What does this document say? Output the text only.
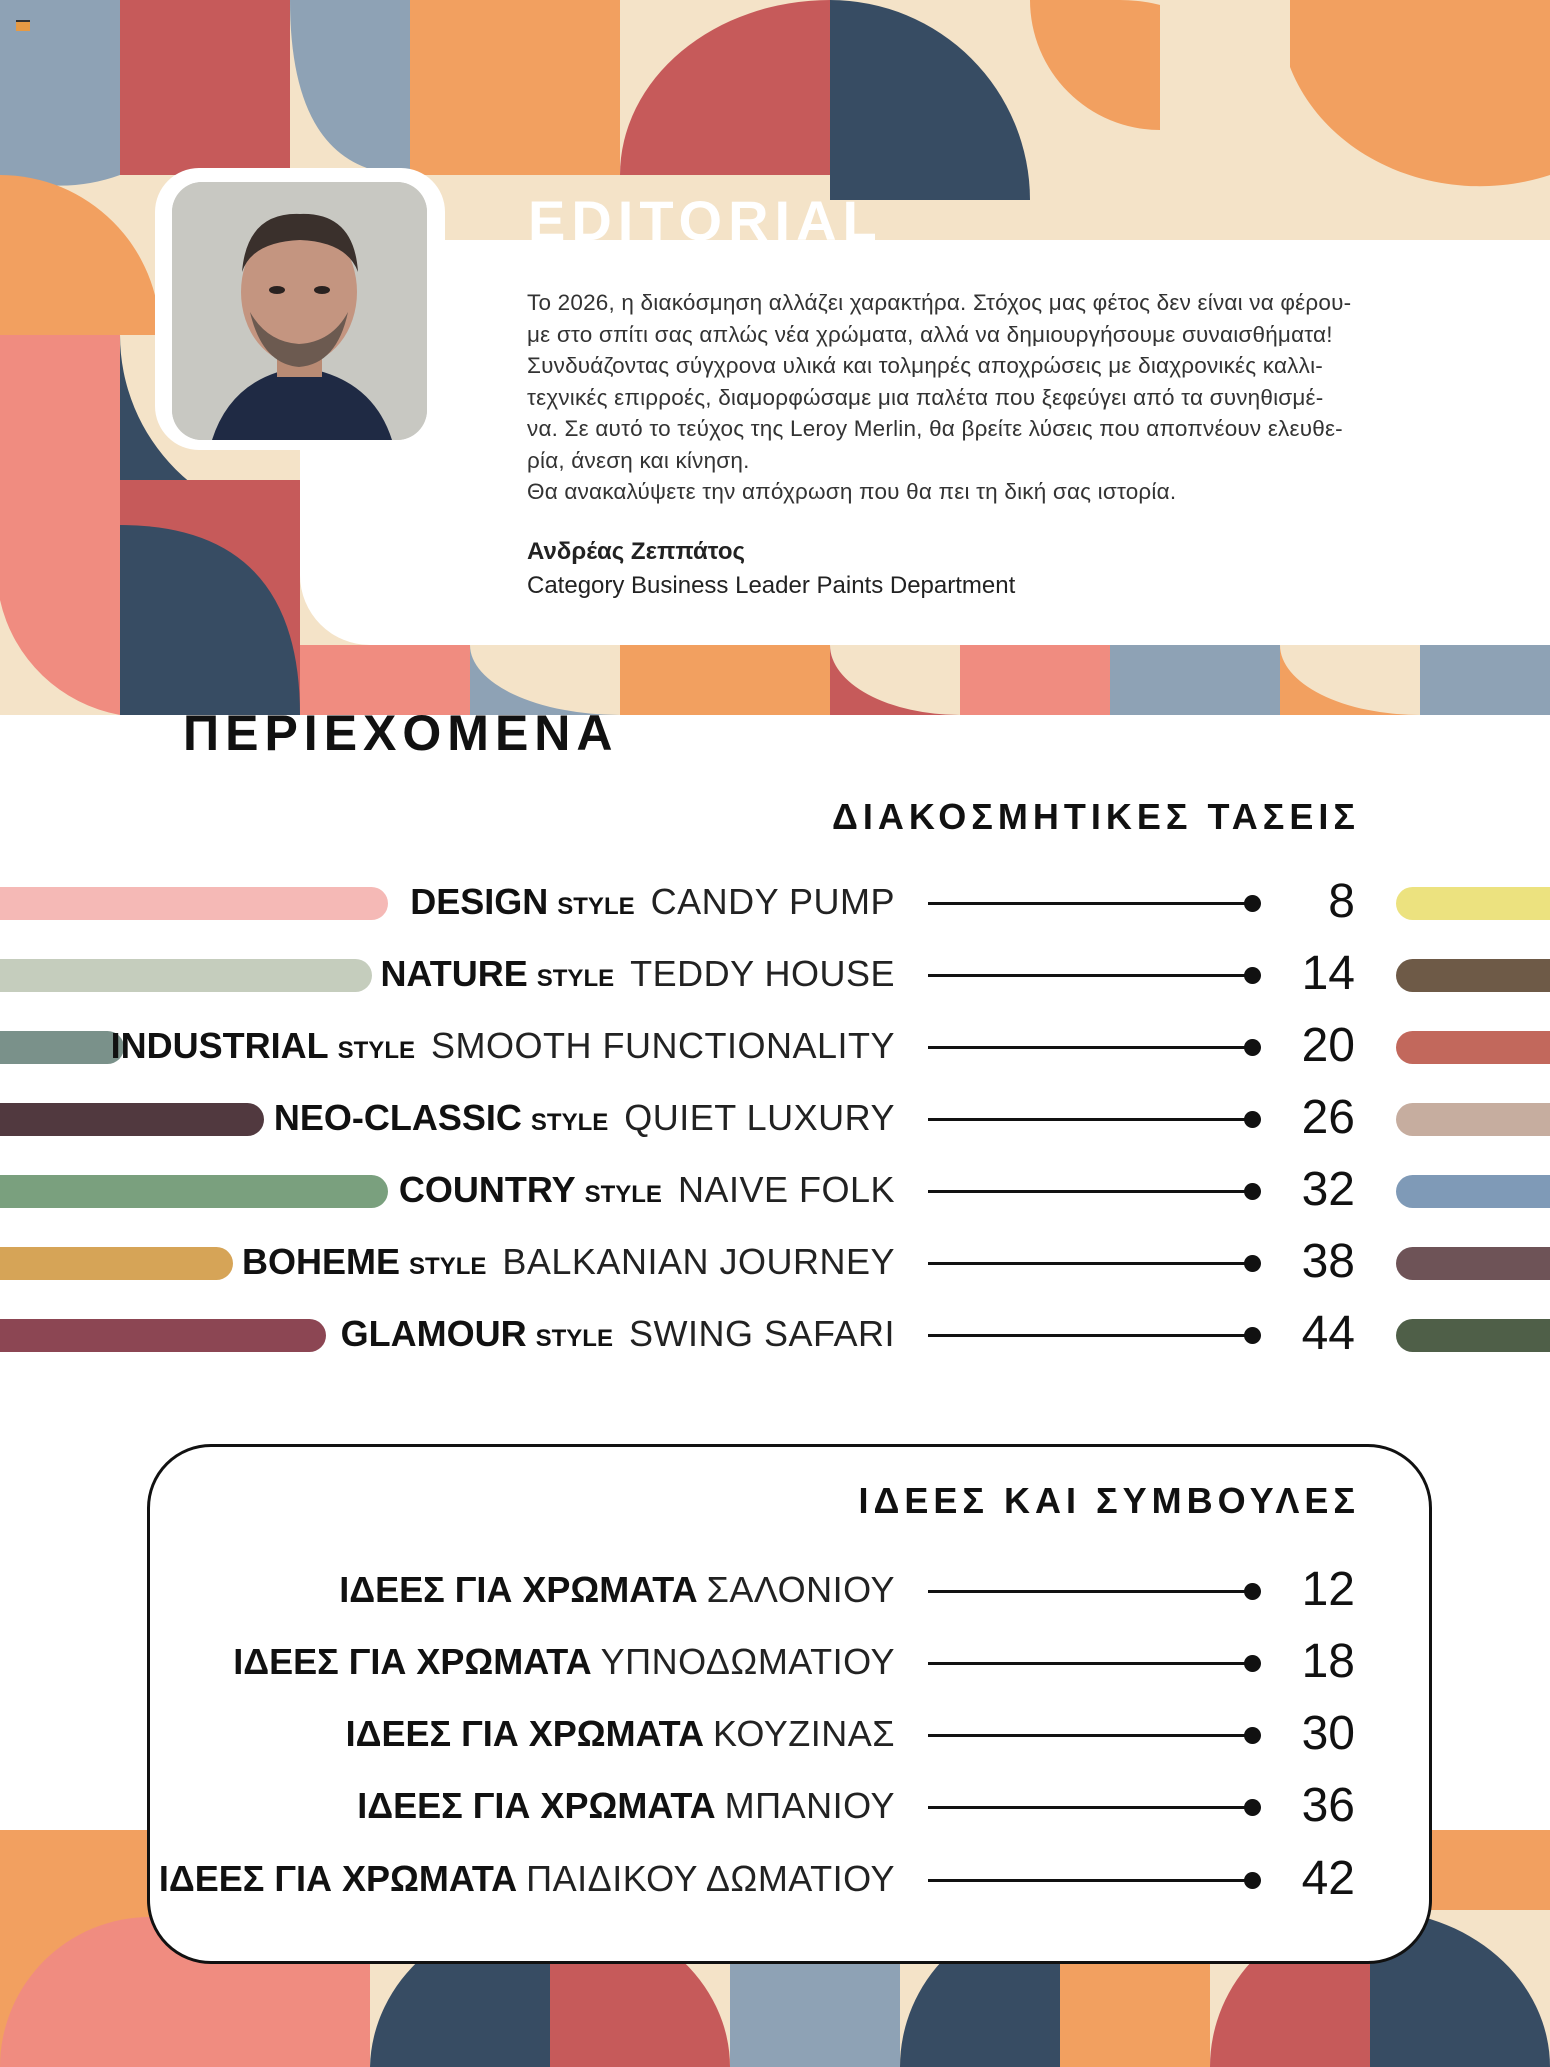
EDITORIAL

Το 2026, η διακόσμηση αλλάζει χαρακτήρα. Στόχος μας φέτος δεν είναι να φέρου-

με στο σπίτι σας απλώς νέα χρώματα, αλλά να δημιουργήσουμε συναισθήματα!

Συνδυάζοντας σύγχρονα υλικά και τολμηρές αποχρώσεις με διαχρονικές καλλι-

τεχνικές επιρροές, διαμορφώσαμε μια παλέτα που ξεφεύγει από τα συνηθισμέ-

να. Σε αυτό το τεύχος της Leroy Merlin, θα βρείτε λύσεις που αποπνέουν ελευθε-

ρία, άνεση και κίνηση.

Θα ανακαλύψετε την απόχρωση που θα πει τη δική σας ιστορία.

Ανδρέας Ζεππάτος
Category Business Leader Paints Department
ΠΕΡΙΕΧΟΜΕΝΑ
ΔΙΑΚΟΣΜΗΤΙΚΕΣ ΤΑΣΕΙΣ
DESIGN STYLE CANDY PUMP	8
NATURE STYLE TEDDY HOUSE	14
INDUSTRIAL STYLE SMOOTH FUNCTIONALITY	20
NEO-CLASSIC STYLE QUIET LUXURY	26
COUNTRY STYLE NAIVE FOLK	32
BOHEME STYLE BALKANIAN JOURNEY	38
GLAMOUR STYLE SWING SAFARI	44
ΙΔΕΕΣ ΚΑΙ ΣΥΜΒΟΥΛΕΣ
ΙΔΕΕΣ ΓΙΑ ΧΡΩΜΑΤΑ ΣΑΛΟΝΙΟΥ	12
ΙΔΕΕΣ ΓΙΑ ΧΡΩΜΑΤΑ ΥΠΝΟΔΩΜΑΤΙΟΥ	18
ΙΔΕΕΣ ΓΙΑ ΧΡΩΜΑΤΑ ΚΟΥΖΙΝΑΣ	30
ΙΔΕΕΣ ΓΙΑ ΧΡΩΜΑΤΑ ΜΠΑΝΙΟΥ	36
ΙΔΕΕΣ ΓΙΑ ΧΡΩΜΑΤΑ ΠΑΙΔΙΚΟΥ ΔΩΜΑΤΙΟΥ	42
